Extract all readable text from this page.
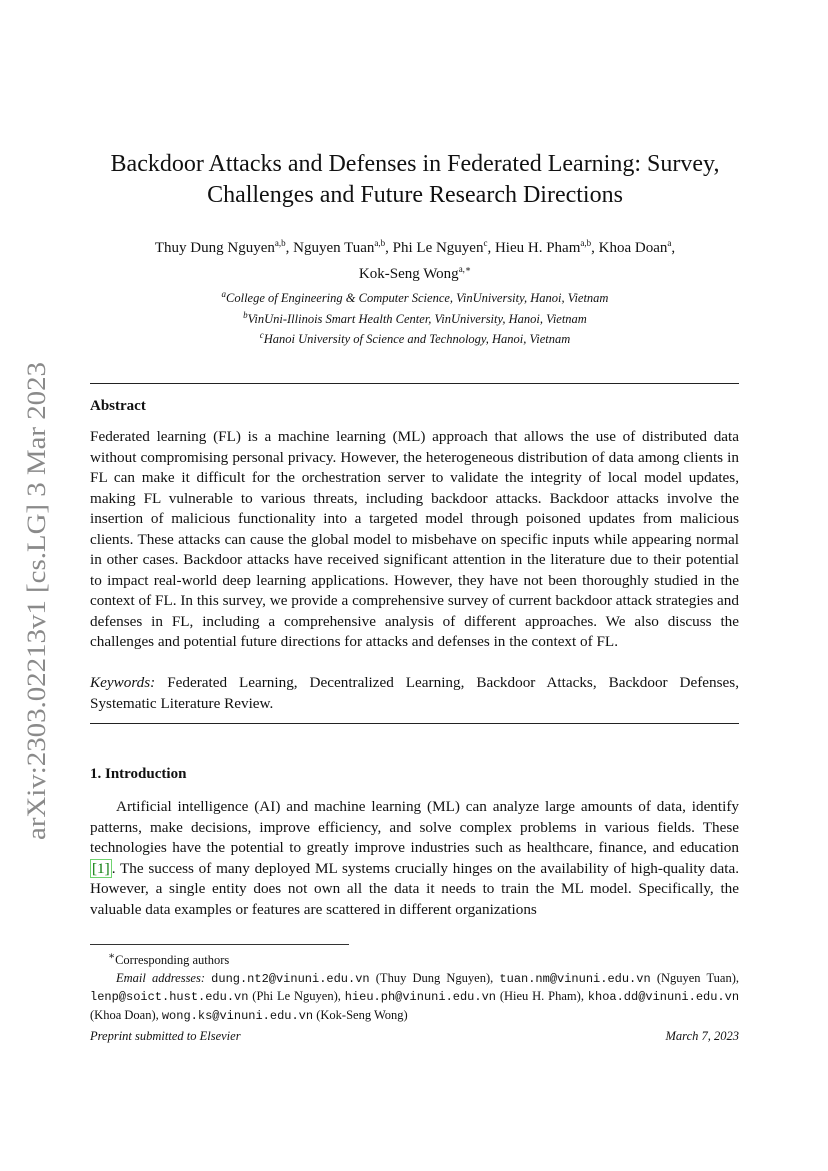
arXiv:2303.02213v1 [cs.LG] 3 Mar 2023
Backdoor Attacks and Defenses in Federated Learning: Survey,
Challenges and Future Research Directions
Thuy Dung Nguyen$^{a,b}$, Nguyen Tuan$^{a,b}$, Phi Le Nguyen$^c$, Hieu H. Pham$^{a,b}$, Khoa Doan$^a$,
Kok-Seng Wong$^{a,∗}$
$^a$College of Engineering & Computer Science, VinUniversity, Hanoi, Vietnam
$^b$VinUni-Illinois Smart Health Center, VinUniversity, Hanoi, Vietnam
$^c$Hanoi University of Science and Technology, Hanoi, Vietnam
Abstract
Federated learning (FL) is a machine learning (ML) approach that allows the use of distributed data without compromising personal privacy. However, the heterogeneous distribution of data among clients in FL can make it difficult for the orchestration server to validate the integrity of local model updates, making FL vulnerable to various threats, including backdoor attacks. Backdoor attacks involve the insertion of malicious functionality into a targeted model through poisoned updates from malicious clients. These attacks can cause the global model to misbehave on specific inputs while appearing normal in other cases. Backdoor attacks have received significant attention in the literature due to their potential to impact real-world deep learning applications. However, they have not been thoroughly studied in the context of FL. In this survey, we provide a comprehensive survey of current backdoor attack strategies and defenses in FL, including a comprehensive analysis of different approaches. We also discuss the challenges and potential future directions for attacks and defenses in the context of FL.
Keywords: Federated Learning, Decentralized Learning, Backdoor Attacks, Backdoor Defenses, Systematic Literature Review.
1. Introduction
Artificial intelligence (AI) and machine learning (ML) can analyze large amounts of data, identify patterns, make decisions, improve efficiency, and solve complex problems in various fields. These technologies have the potential to greatly improve industries such as healthcare, finance, and education [1] . The success of many deployed ML systems crucially hinges on the availability of high-quality data. However, a single entity does not own all the data it needs to train the ML model. Specifically, the valuable data examples or features are scattered in different organizations
∗Corresponding authors
Email addresses: dung.nt2@vinuni.edu.vn (Thuy Dung Nguyen), tuan.nm@vinuni.edu.vn (Nguyen Tuan), lenp@soict.hust.edu.vn (Phi Le Nguyen), hieu.ph@vinuni.edu.vn (Hieu H. Pham), khoa.dd@vinuni.edu.vn (Khoa Doan), wong.ks@vinuni.edu.vn (Kok-Seng Wong)
Preprint submitted to Elsevier	March 7, 2023
